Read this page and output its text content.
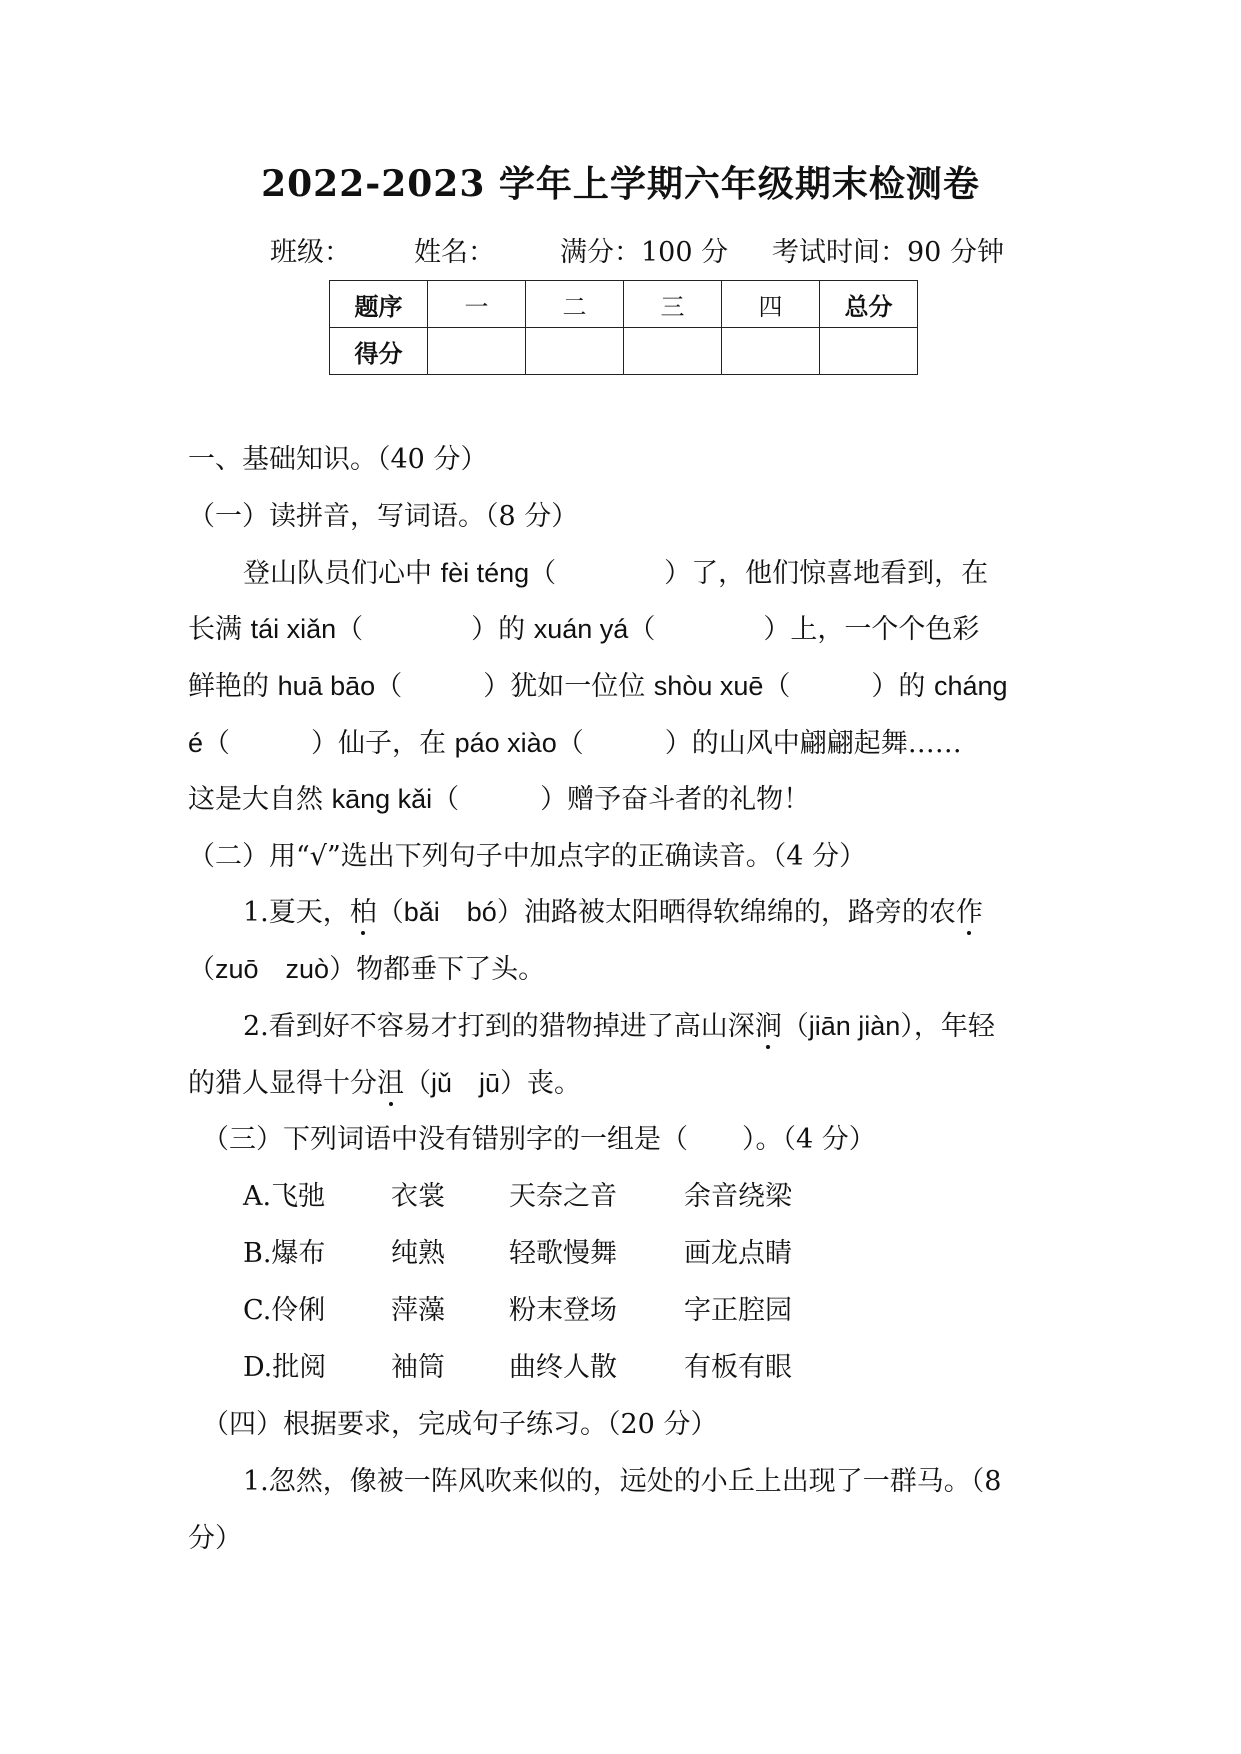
2022-2023 学年上学期六年级期末检测卷
班级： 姓名： 满分：100 分 考试时间：90 分钟
题序	一	二	三	四	总分
得分					
一、基础知识。（40 分）
（一）读拼音，写词语。（8 分）
登山队员们心中 fèi téng（　　　　）了，他们惊喜地看到，在
长满 tái xiǎn（　　　　）的 xuán yá（　　　　）上，一个个色彩
鲜艳的 huā bāo（　　　）犹如一位位 shòu xuē（　　　）的 cháng
é（　　　）仙子，在 páo xiào（　　　）的山风中翩翩起舞……
这是大自然 kāng kǎi（　　　）赠予奋斗者的礼物！
（二）用“√”选出下列句子中加点字的正确读音。（4 分）
1.夏天，柏（bǎi　bó）油路被太阳晒得软绵绵的，路旁的农作
（zuō　zuò）物都垂下了头。
2.看到好不容易才打到的猎物掉进了高山深涧（jiān jiàn），年轻
的猎人显得十分沮（jǔ　jū）丧。
（三）下列词语中没有错别字的一组是（　　）。（4 分）
A.飞弛 衣裳 天奈之音 余音绕梁
B.爆布 纯熟 轻歌慢舞 画龙点睛
C.伶俐 萍藻 粉末登场 字正腔园
D.批阅 袖筒 曲终人散 有板有眼
（四）根据要求，完成句子练习。（20 分）
1.忽然，像被一阵风吹来似的，远处的小丘上出现了一群马。（8
分）
